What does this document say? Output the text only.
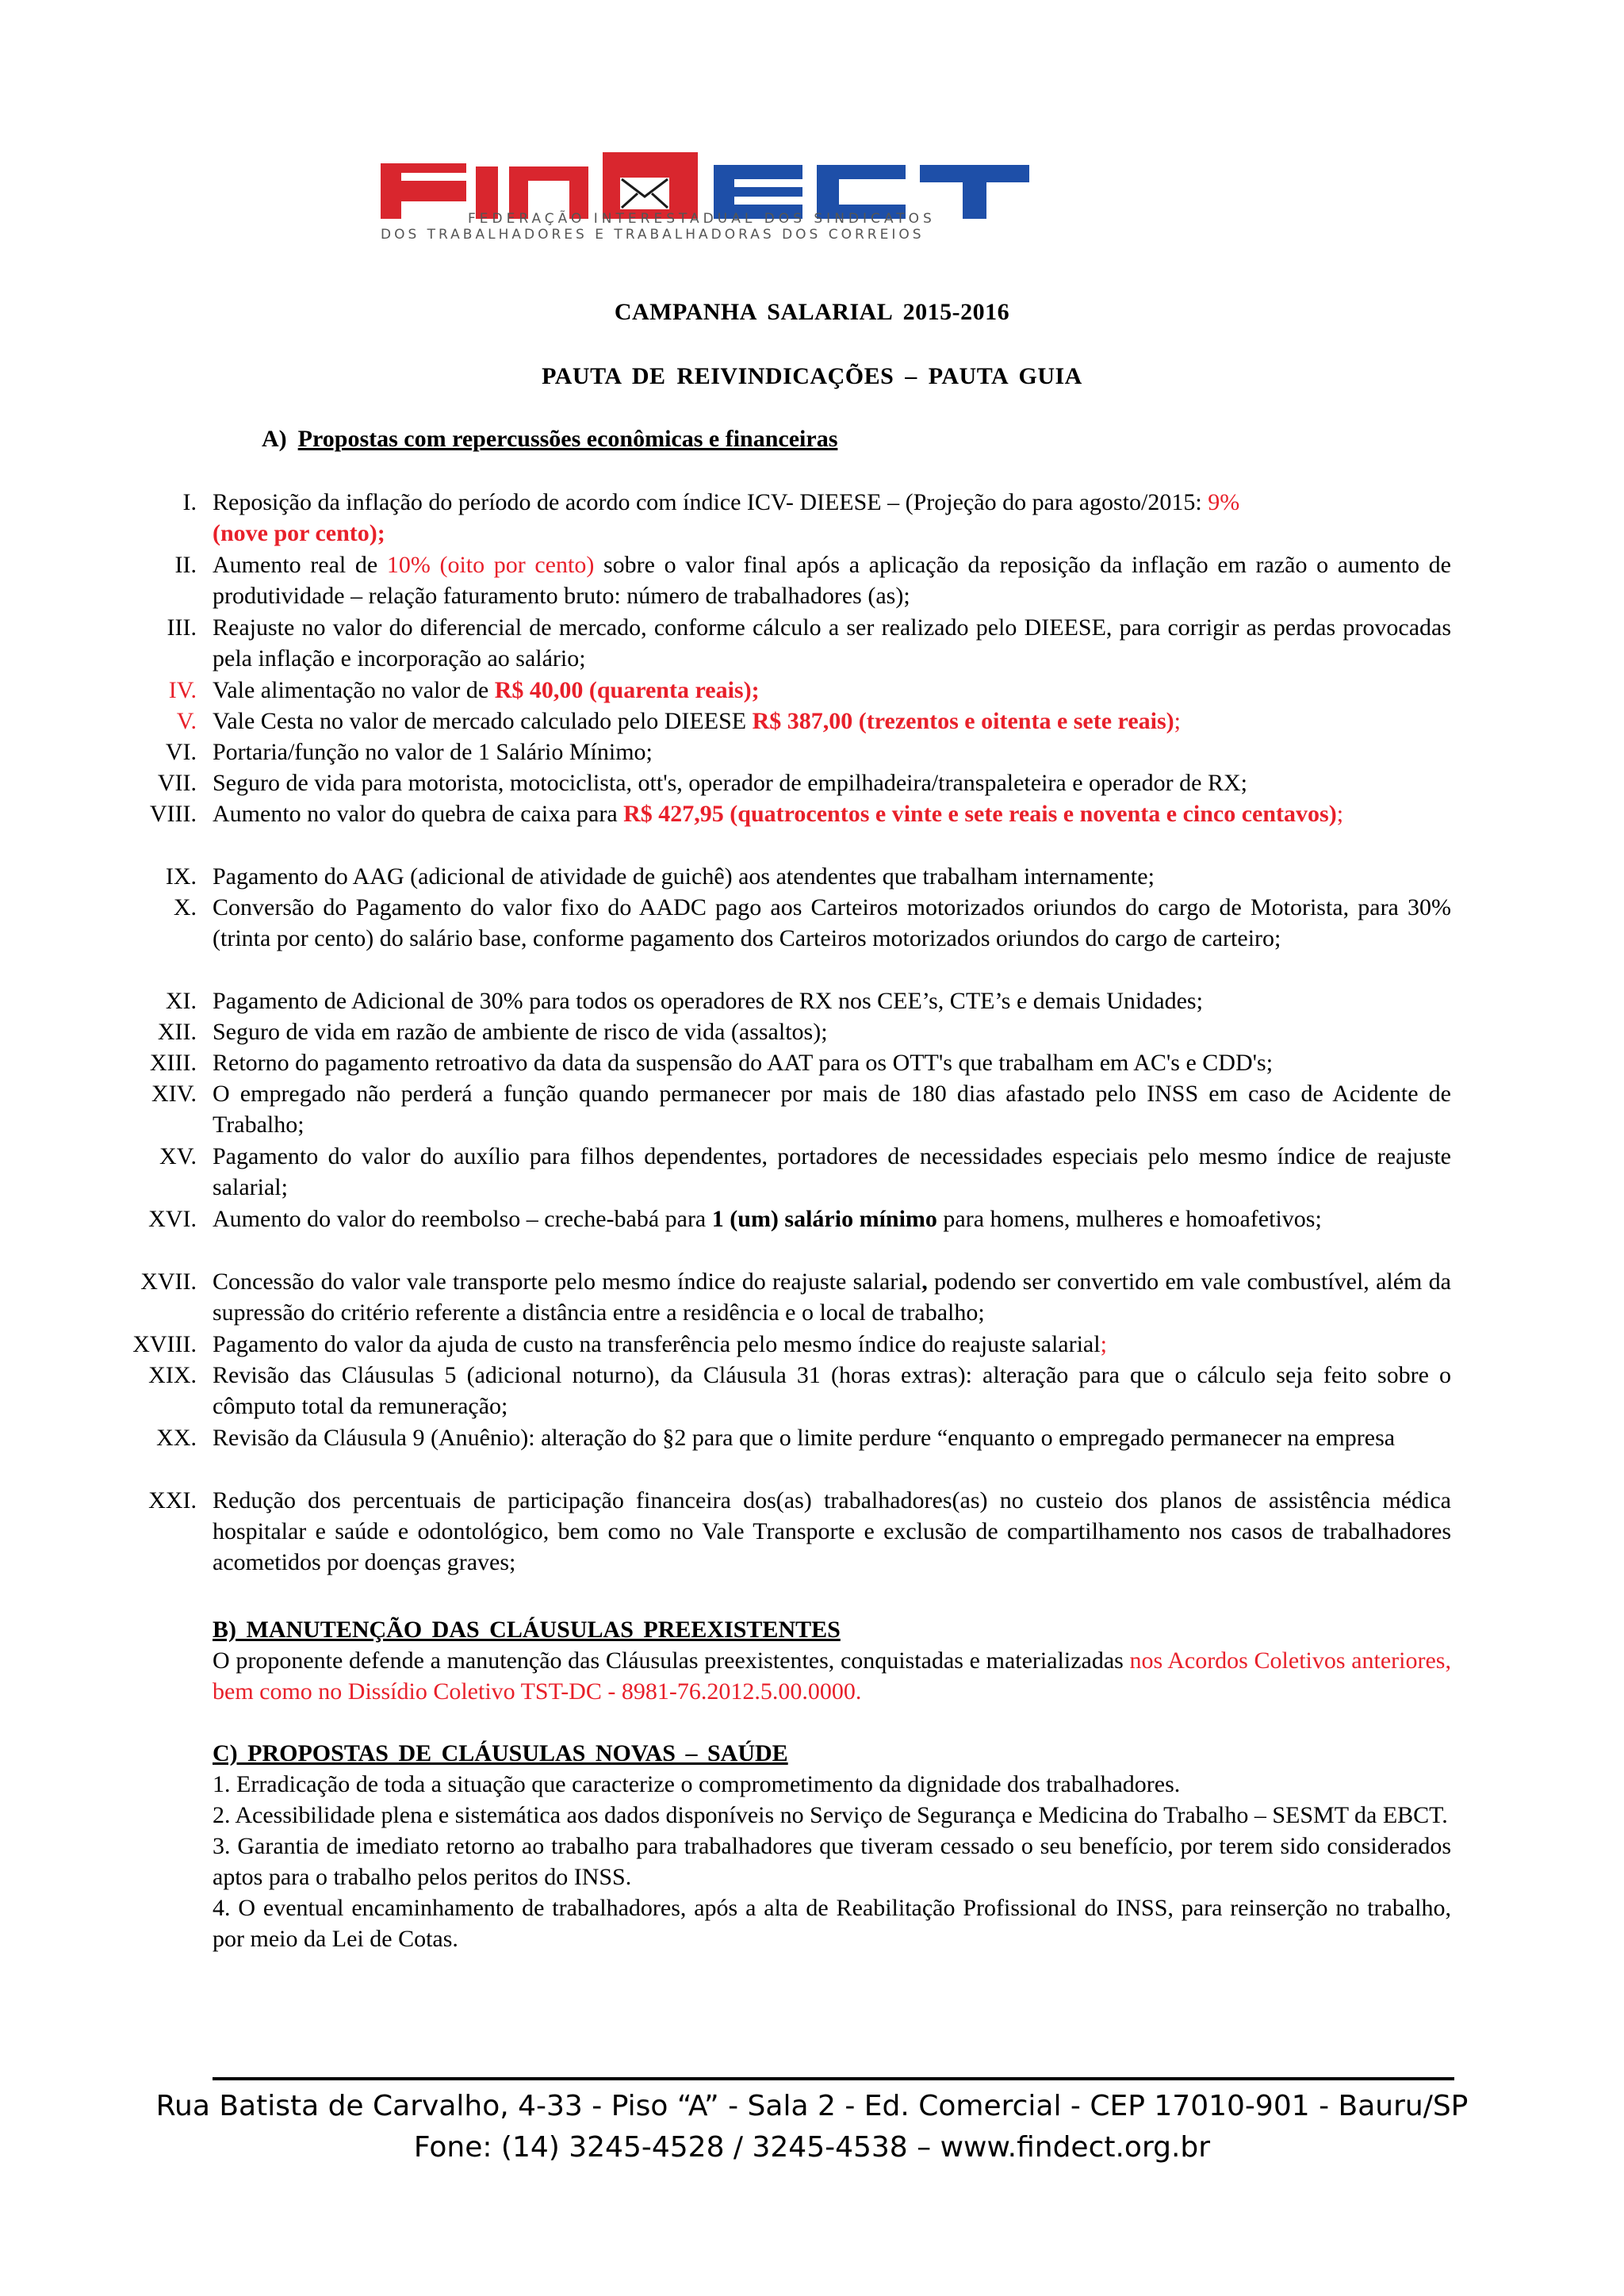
FEDERAÇÃO INTERESTADUAL DOS SINDICATOS
DOS TRABALHADORES E TRABALHADORAS DOS CORREIOS
CAMPANHA SALARIAL 2015-2016
PAUTA DE REIVINDICAÇÕES – PAUTA GUIA
A) Propostas com repercussões econômicas e financeiras
I. Reposição da inflação do período de acordo com índice ICV- DIEESE – (Projeção do para agosto/2015: 9%
(nove por cento);
II. Aumento real de 10% (oito por cento) sobre o valor final após a aplicação da reposição da inflação em razão o aumento de produtividade – relação faturamento bruto: número de trabalhadores (as);
III. Reajuste no valor do diferencial de mercado, conforme cálculo a ser realizado pelo DIEESE, para corrigir as perdas provocadas pela inflação e incorporação ao salário;
IV. Vale alimentação no valor de R$ 40,00 (quarenta reais);
V. Vale Cesta no valor de mercado calculado pelo DIEESE R$ 387,00 (trezentos e oitenta e sete reais);
VI. Portaria/função no valor de 1 Salário Mínimo;
VII. Seguro de vida para motorista, motociclista, ott's, operador de empilhadeira/transpaleteira e operador de RX;
VIII. Aumento no valor do quebra de caixa para R$ 427,95 (quatrocentos e vinte e sete reais e noventa e cinco centavos);
IX. Pagamento do AAG (adicional de atividade de guichê) aos atendentes que trabalham internamente;
X. Conversão do Pagamento do valor fixo do AADC pago aos Carteiros motorizados oriundos do cargo de Motorista, para 30% (trinta por cento) do salário base, conforme pagamento dos Carteiros motorizados oriundos do cargo de carteiro;
XI. Pagamento de Adicional de 30% para todos os operadores de RX nos CEE’s, CTE’s e demais Unidades;
XII. Seguro de vida em razão de ambiente de risco de vida (assaltos);
XIII. Retorno do pagamento retroativo da data da suspensão do AAT para os OTT's que trabalham em AC's e CDD's;
XIV. O empregado não perderá a função quando permanecer por mais de 180 dias afastado pelo INSS em caso de Acidente de Trabalho;
XV. Pagamento do valor do auxílio para filhos dependentes, portadores de necessidades especiais pelo mesmo índice de reajuste salarial;
XVI. Aumento do valor do reembolso – creche-babá para 1 (um) salário mínimo para homens, mulheres e homoafetivos;
XVII. Concessão do valor vale transporte pelo mesmo índice do reajuste salarial, podendo ser convertido em vale combustível, além da supressão do critério referente a distância entre a residência e o local de trabalho;
XVIII. Pagamento do valor da ajuda de custo na transferência pelo mesmo índice do reajuste salarial;
XIX. Revisão das Cláusulas 5 (adicional noturno), da Cláusula 31 (horas extras): alteração para que o cálculo seja feito sobre o cômputo total da remuneração;
XX. Revisão da Cláusula 9 (Anuênio): alteração do §2 para que o limite perdure “enquanto o empregado permanecer na empresa
XXI. Redução dos percentuais de participação financeira dos(as) trabalhadores(as) no custeio dos planos de assistência médica hospitalar e saúde e odontológico, bem como no Vale Transporte e exclusão de compartilhamento nos casos de trabalhadores acometidos por doenças graves;
B) MANUTENÇÃO DAS CLÁUSULAS PREEXISTENTES
O proponente defende a manutenção das Cláusulas preexistentes, conquistadas e materializadas nos Acordos Coletivos anteriores, bem como no Dissídio Coletivo TST-DC - 8981-76.2012.5.00.0000.
C) PROPOSTAS DE CLÁUSULAS NOVAS – SAÚDE
1. Erradicação de toda a situação que caracterize o comprometimento da dignidade dos trabalhadores.
2. Acessibilidade plena e sistemática aos dados disponíveis no Serviço de Segurança e Medicina do Trabalho – SESMT da EBCT.
3. Garantia de imediato retorno ao trabalho para trabalhadores que tiveram cessado o seu benefício, por terem sido considerados aptos para o trabalho pelos peritos do INSS.
4. O eventual encaminhamento de trabalhadores, após a alta de Reabilitação Profissional do INSS, para reinserção no trabalho, por meio da Lei de Cotas.
Rua Batista de Carvalho, 4-33 - Piso “A” - Sala 2 - Ed. Comercial - CEP 17010-901 - Bauru/SP
Fone: (14) 3245-4528 / 3245-4538 – www.findect.org.br
